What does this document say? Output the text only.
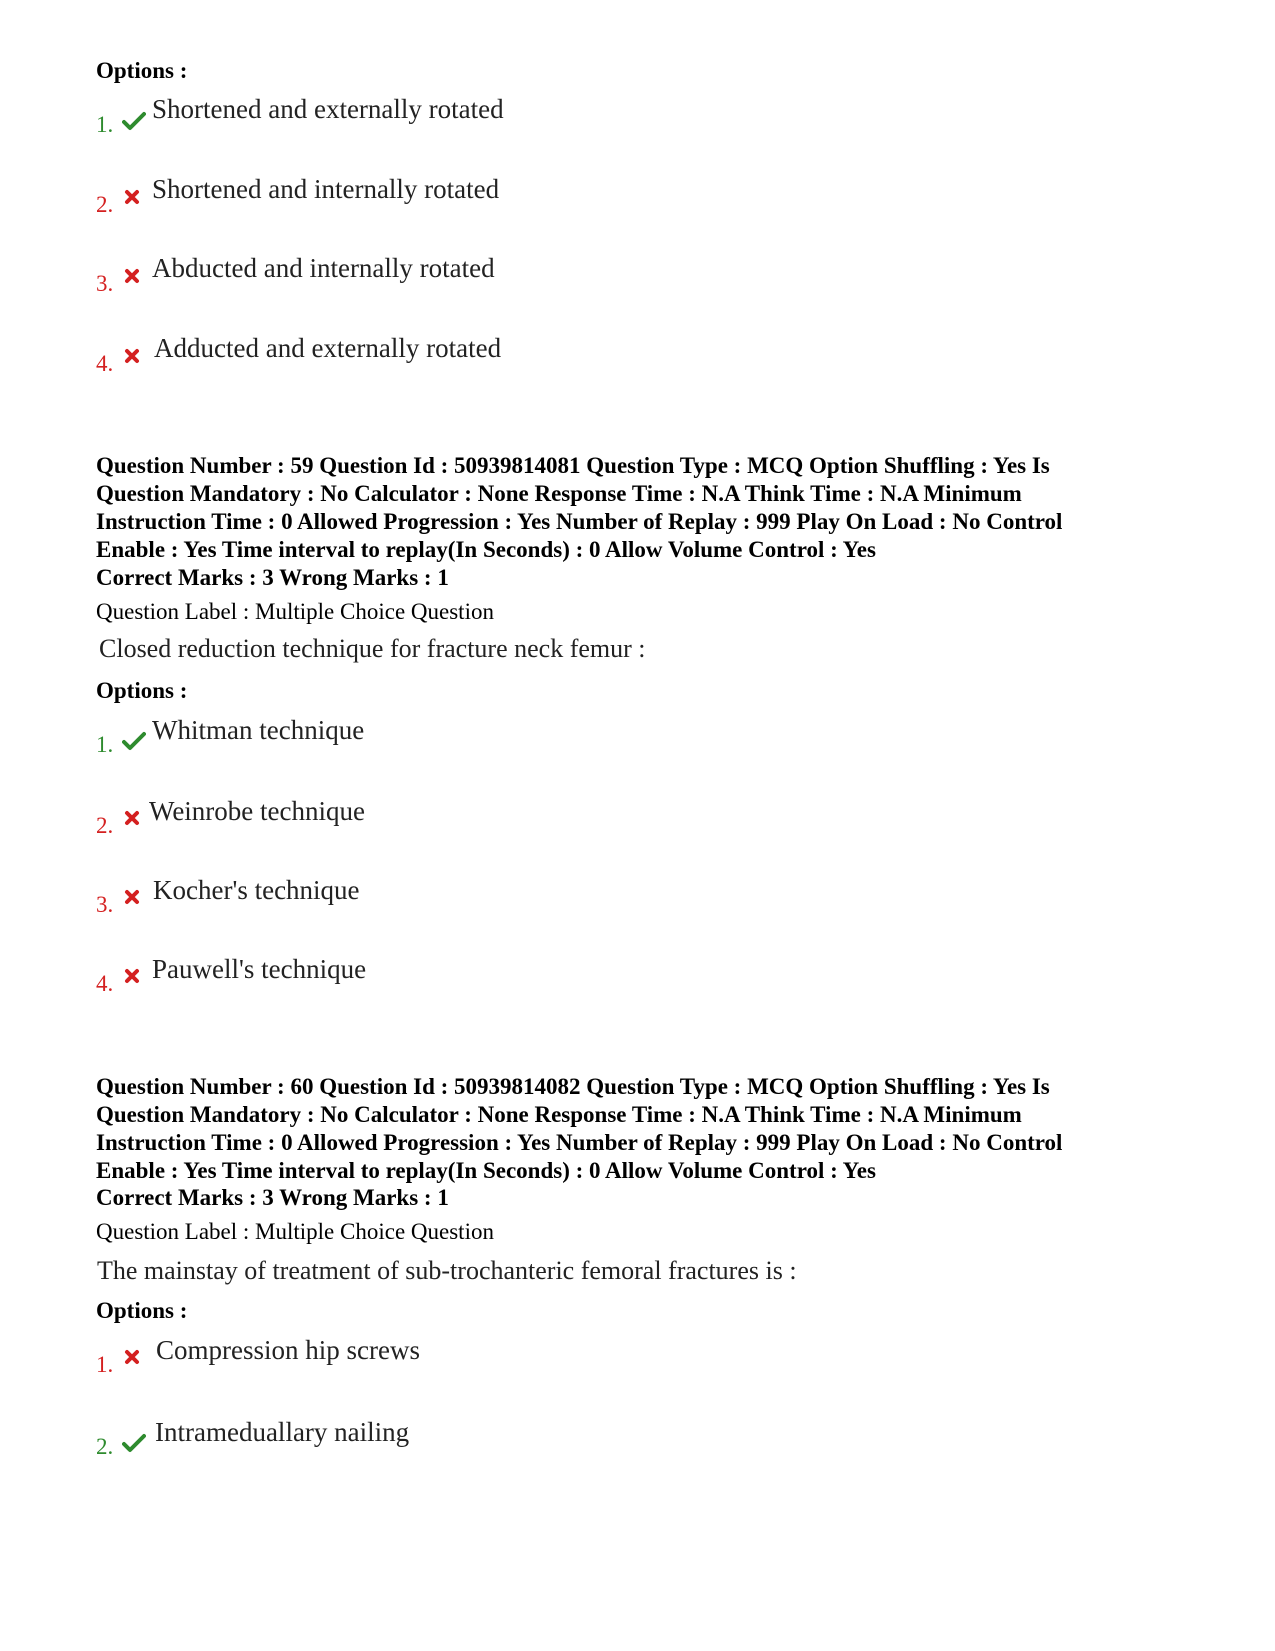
Options :
1.
Shortened and externally rotated
2.
Shortened and internally rotated
3.
Abducted and internally rotated
4.
Adducted and externally rotated
Question Number : 59 Question Id : 50939814081 Question Type : MCQ Option Shuffling : Yes Is
Question Mandatory : No Calculator : None Response Time : N.A Think Time : N.A Minimum
Instruction Time : 0 Allowed Progression : Yes Number of Replay : 999 Play On Load : No Control
Enable : Yes Time interval to replay(In Seconds) : 0 Allow Volume Control : Yes
Correct Marks : 3 Wrong Marks : 1
Question Label : Multiple Choice Question
Closed reduction technique for fracture neck femur :
Options :
1. Whitman technique
2. Weinrobe technique
3. Kocher's technique
4. Pauwell's technique
Question Number : 60 Question Id : 50939814082 Question Type : MCQ Option Shuffling : Yes Is
Question Mandatory : No Calculator : None Response Time : N.A Think Time : N.A Minimum
Instruction Time : 0 Allowed Progression : Yes Number of Replay : 999 Play On Load : No Control
Enable : Yes Time interval to replay(In Seconds) : 0 Allow Volume Control : Yes
Correct Marks : 3 Wrong Marks : 1
Question Label : Multiple Choice Question
The mainstay of treatment of sub-trochanteric femoral fractures is :
Options :
1. Compression hip screws
2. Intrameduallary nailing
